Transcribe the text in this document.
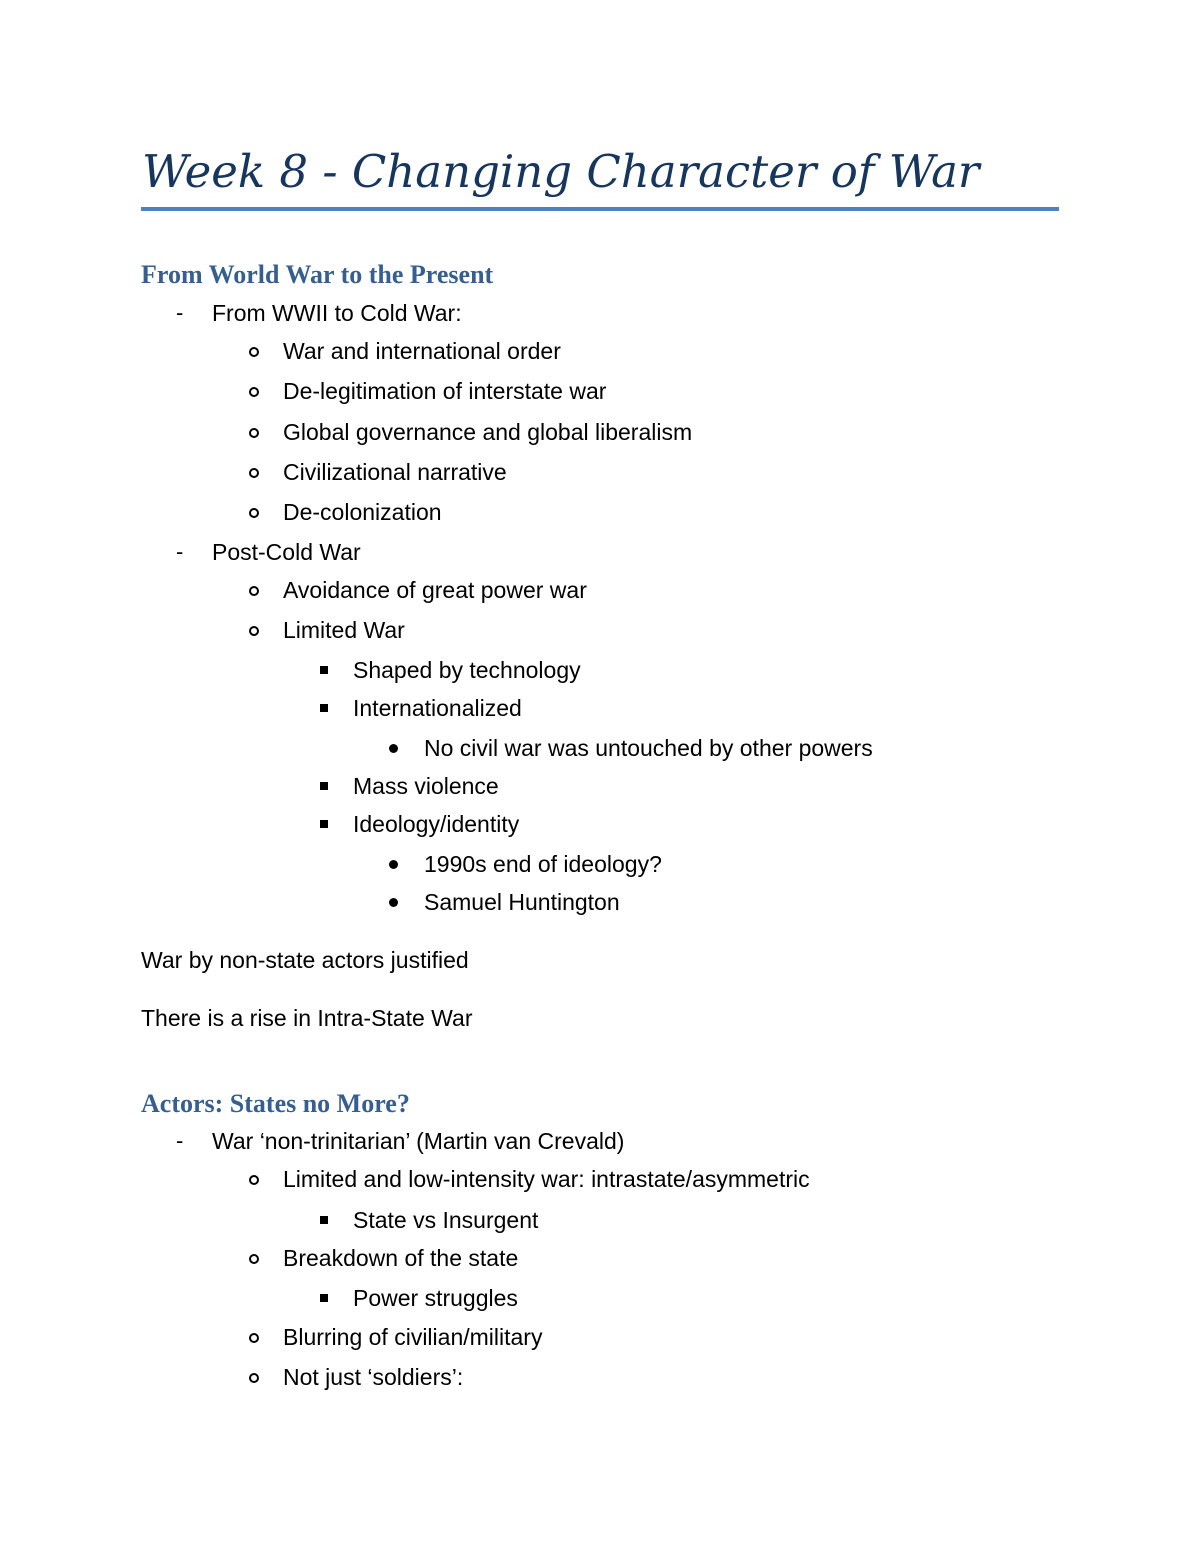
Week 8 - Changing Character of War
From World War to the Present
- From WWII to Cold War:
War and international order
De-legitimation of interstate war
Global governance and global liberalism
Civilizational narrative
De-colonization
- Post-Cold War
Avoidance of great power war
Limited War
Shaped by technology
Internationalized
No civil war was untouched by other powers
Mass violence
Ideology/identity
1990s end of ideology?
Samuel Huntington
War by non-state actors justified
There is a rise in Intra-State War
Actors: States no More?
- War ‘non-trinitarian’ (Martin van Crevald)
Limited and low-intensity war: intrastate/asymmetric
State vs Insurgent
Breakdown of the state
Power struggles
Blurring of civilian/military
Not just ‘soldiers’:
